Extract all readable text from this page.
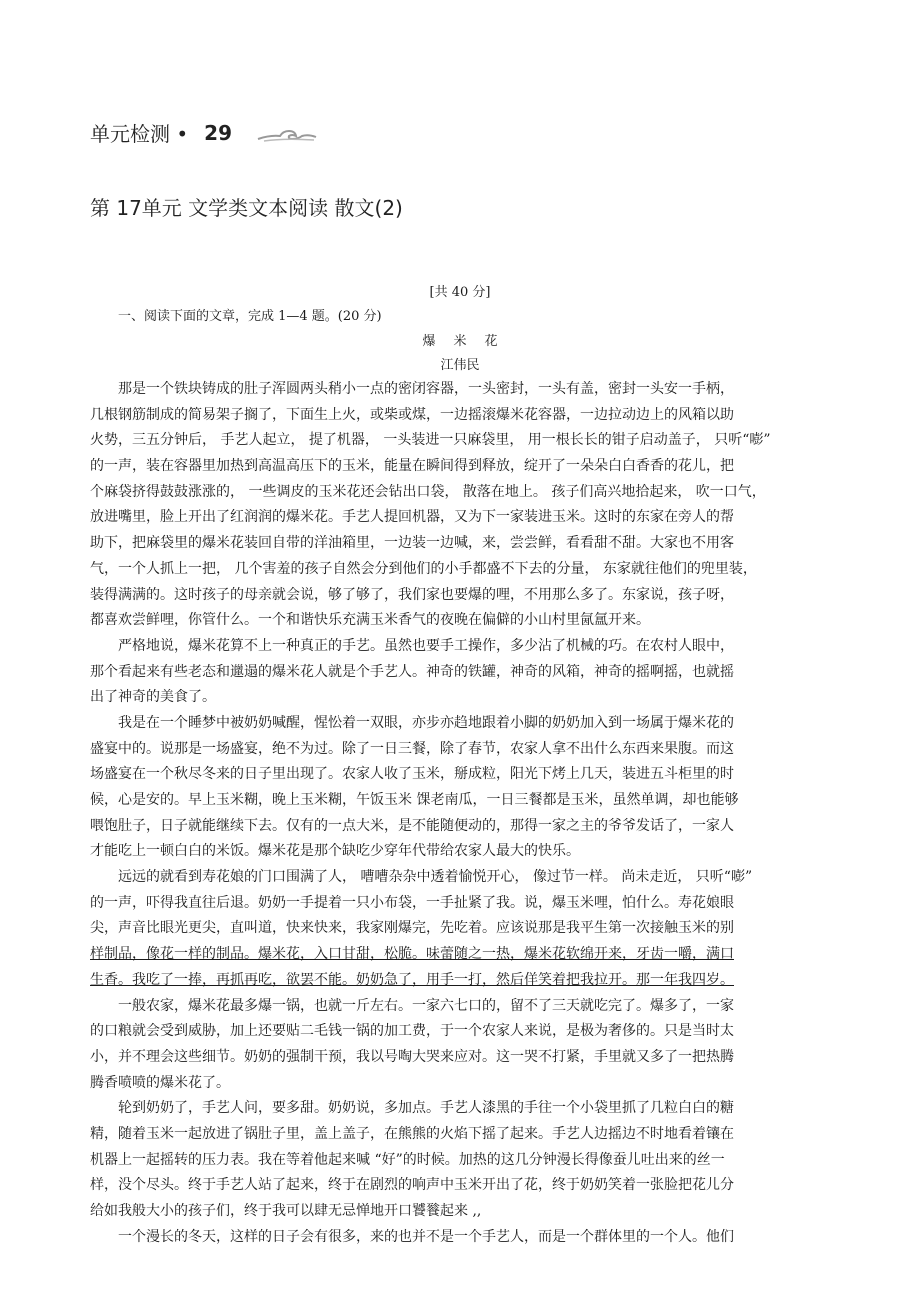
单元检测 • 29
第 17单元 文学类文本阅读 散文(2)
[共 40 分]
一、阅读下面的文章，完成 1—4 题。(20 分)
爆米花
江伟民
那是一个铁块铸成的肚子浑圆两头稍小一点的密闭容器，一头密封，一头有盖，密封一头安一手柄，
几根钢筋制成的简易架子搁了，下面生上火，或柴或煤，一边摇滚爆米花容器，一边拉动边上的风箱以助
火势，三五分钟后， 手艺人起立， 提了机器， 一头装进一只麻袋里， 用一根长长的钳子启动盖子， 只听“嘭”
的一声，装在容器里加热到高温高压下的玉米，能量在瞬间得到释放，绽开了一朵朵白白香香的花儿，把
个麻袋挤得鼓鼓涨涨的， 一些调皮的玉米花还会钻出口袋， 散落在地上。 孩子们高兴地拾起来， 吹一口气，
放进嘴里，脸上开出了红润润的爆米花。手艺人提回机器，又为下一家装进玉米。这时的东家在旁人的帮
助下，把麻袋里的爆米花装回自带的洋油箱里，一边装一边喊，来，尝尝鲜，看看甜不甜。大家也不用客
气，一个人抓上一把， 几个害羞的孩子自然会分到他们的小手都盛不下去的分量， 东家就往他们的兜里装，
装得满满的。这时孩子的母亲就会说，够了够了，我们家也要爆的哩，不用那么多了。东家说，孩子呀，
都喜欢尝鲜哩，你管什么。一个和谐快乐充满玉米香气的夜晚在偏僻的小山村里氤氲开来。
严格地说，爆米花算不上一种真正的手艺。虽然也要手工操作，多少沾了机械的巧。在农村人眼中，
那个看起来有些老态和邋遢的爆米花人就是个手艺人。神奇的铁罐，神奇的风箱，神奇的摇啊摇，也就摇
出了神奇的美食了。
我是在一个睡梦中被奶奶喊醒，惺忪着一双眼，亦步亦趋地跟着小脚的奶奶加入到一场属于爆米花的
盛宴中的。说那是一场盛宴，绝不为过。除了一日三餐，除了春节，农家人拿不出什么东西来果腹。而这
场盛宴在一个秋尽冬来的日子里出现了。农家人收了玉米，掰成粒，阳光下烤上几天，装进五斗柜里的时
候，心是安的。早上玉米糊，晚上玉米糊，午饭玉米 馃老南瓜，一日三餐都是玉米，虽然单调，却也能够
喂饱肚子，日子就能继续下去。仅有的一点大米，是不能随便动的，那得一家之主的爷爷发话了，一家人
才能吃上一顿白白的米饭。爆米花是那个缺吃少穿年代带给农家人最大的快乐。
远远的就看到寿花娘的门口围满了人， 嘈嘈杂杂中透着愉悦开心， 像过节一样。 尚未走近， 只听“嘭”
的一声，吓得我直往后退。奶奶一手提着一只小布袋，一手扯紧了我。说，爆玉米哩，怕什么。寿花娘眼
尖，声音比眼光更尖，直叫道，快来快来，我家刚爆完，先吃着。应该说那是我平生第一次接触玉米的别
样制品，像花一样的制品。爆米花，入口甘甜，松脆。味蕾随之一热，爆米花软绵开来，牙齿一嚼，满口
生香。我吃了一捧，再抓再吃，欲罢不能。奶奶急了，用手一打，然后佯笑着把我拉开。那一年我四岁。
一般农家，爆米花最多爆一锅，也就一斤左右。一家六七口的，留不了三天就吃完了。爆多了，一家
的口粮就会受到威胁，加上还要贴二毛钱一锅的加工费，于一个农家人来说，是极为奢侈的。只是当时太
小，并不理会这些细节。奶奶的强制干预，我以号啕大哭来应对。这一哭不打紧，手里就又多了一把热腾
腾香喷喷的爆米花了。
轮到奶奶了，手艺人问，要多甜。奶奶说，多加点。手艺人漆黑的手往一个小袋里抓了几粒白白的糖
精，随着玉米一起放进了锅肚子里，盖上盖子，在熊熊的火焰下摇了起来。手艺人边摇边不时地看着镶在
机器上一起摇转的压力表。我在等着他起来喊 “好”的时候。加热的这几分钟漫长得像蚕儿吐出来的丝一
样，没个尽头。终于手艺人站了起来，终于在剧烈的响声中玉米开出了花，终于奶奶笑着一张脸把花儿分
给如我般大小的孩子们，终于我可以肆无忌惮地开口饕餮起来 ,,
一个漫长的冬天，这样的日子会有很多，来的也并不是一个手艺人，而是一个群体里的一个人。他们
